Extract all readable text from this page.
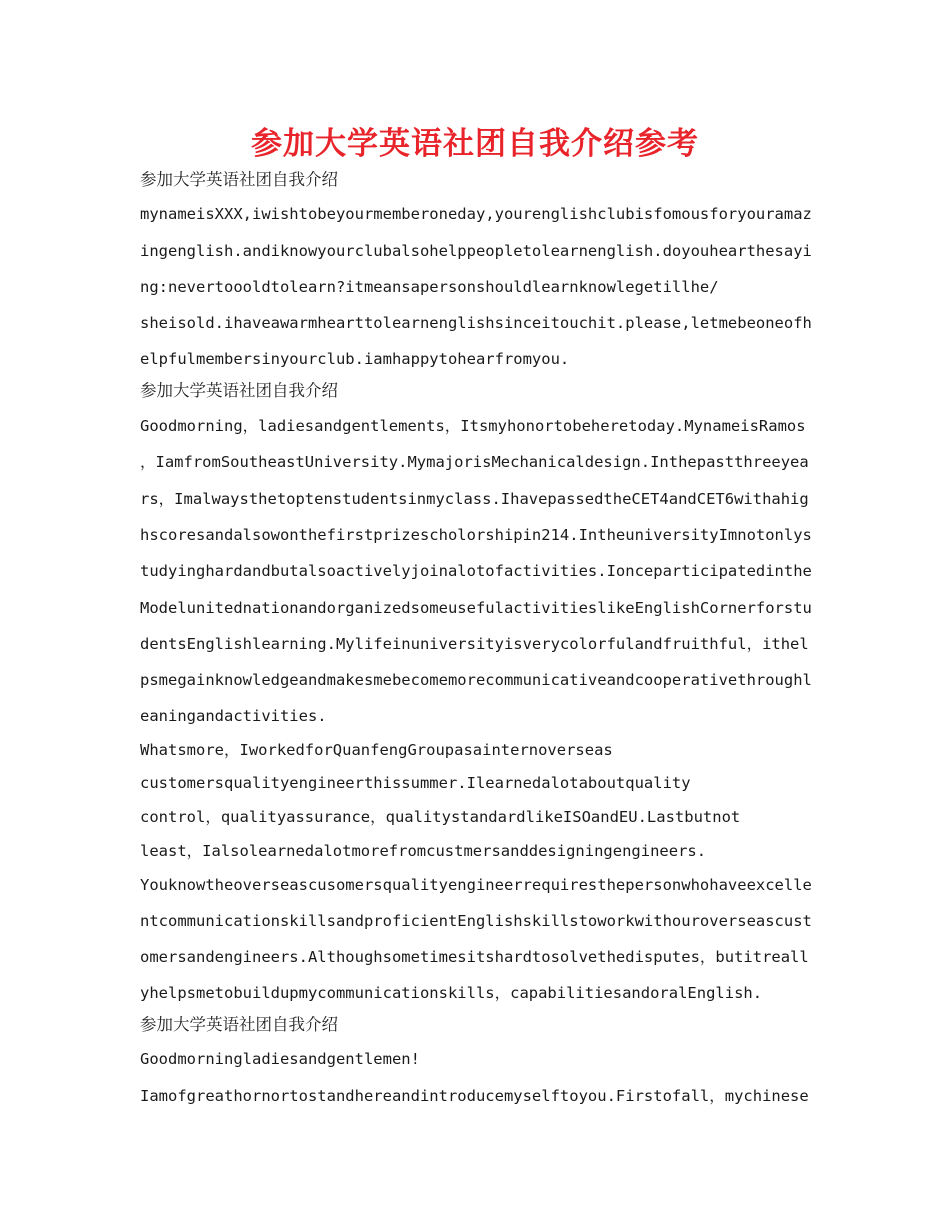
参加大学英语社团自我介绍参考
参加大学英语社团自我介绍
mynameisXXX,iwishtobeyourmemberoneday,yourenglishclubisfomousforyouramaz
ingenglish.andiknowyourclubalsohelppeopletolearnenglish.doyouhearthesayi
ng:nevertoooldtolearn?itmeansapersonshouldlearnknowlegetillhe/
sheisold.ihaveawarmhearttolearnenglishsinceitouchit.please,letmebeoneofh
elpfulmembersinyourclub.iamhappytohearfromyou.
参加大学英语社团自我介绍
Goodmorning，ladiesandgentlements，Itsmyhonortobeheretoday.MynameisRamos
，IamfromSoutheastUniversity.MymajorisMechanicaldesign.Inthepastthreeyea
rs，Imalwaysthetoptenstudentsinmyclass.IhavepassedtheCET4andCET6withahig
hscoresandalsowonthefirstprizescholorshipin214.IntheuniversityImnotonlys
tudyinghardandbutalsoactivelyjoinalotofactivities.Ionceparticipatedinthe
ModelunitednationandorganizedsomeusefulactivitieslikeEnglishCornerforstu
dentsEnglishlearning.Mylifeinuniversityisverycolorfulandfruithful，ithel
psmegainknowledgeandmakesmebecomemorecommunicativeandcooperativethroughl
eaningandactivities.
Whatsmore，IworkedforQuanfengGroupasainternoverseas
customersqualityengineerthissummer.Ilearnedalotaboutquality
control，qualityassurance，qualitystandardlikeISOandEU.Lastbutnot
least，Ialsolearnedalotmorefromcustmersanddesigningengineers.
Youknowtheoverseascusomersqualityengineerrequiresthepersonwhohaveexcelle
ntcommunicationskillsandproficientEnglishskillstoworkwithouroverseascust
omersandengineers.Althoughsometimesitshardtosolvethedisputes，butitreall
yhelpsmetobuildupmycommunicationskills，capabilitiesandoralEnglish.
参加大学英语社团自我介绍
Goodmorningladiesandgentlemen!
Iamofgreathornortostandhereandintroducemyselftoyou.Firstofall，mychinese
